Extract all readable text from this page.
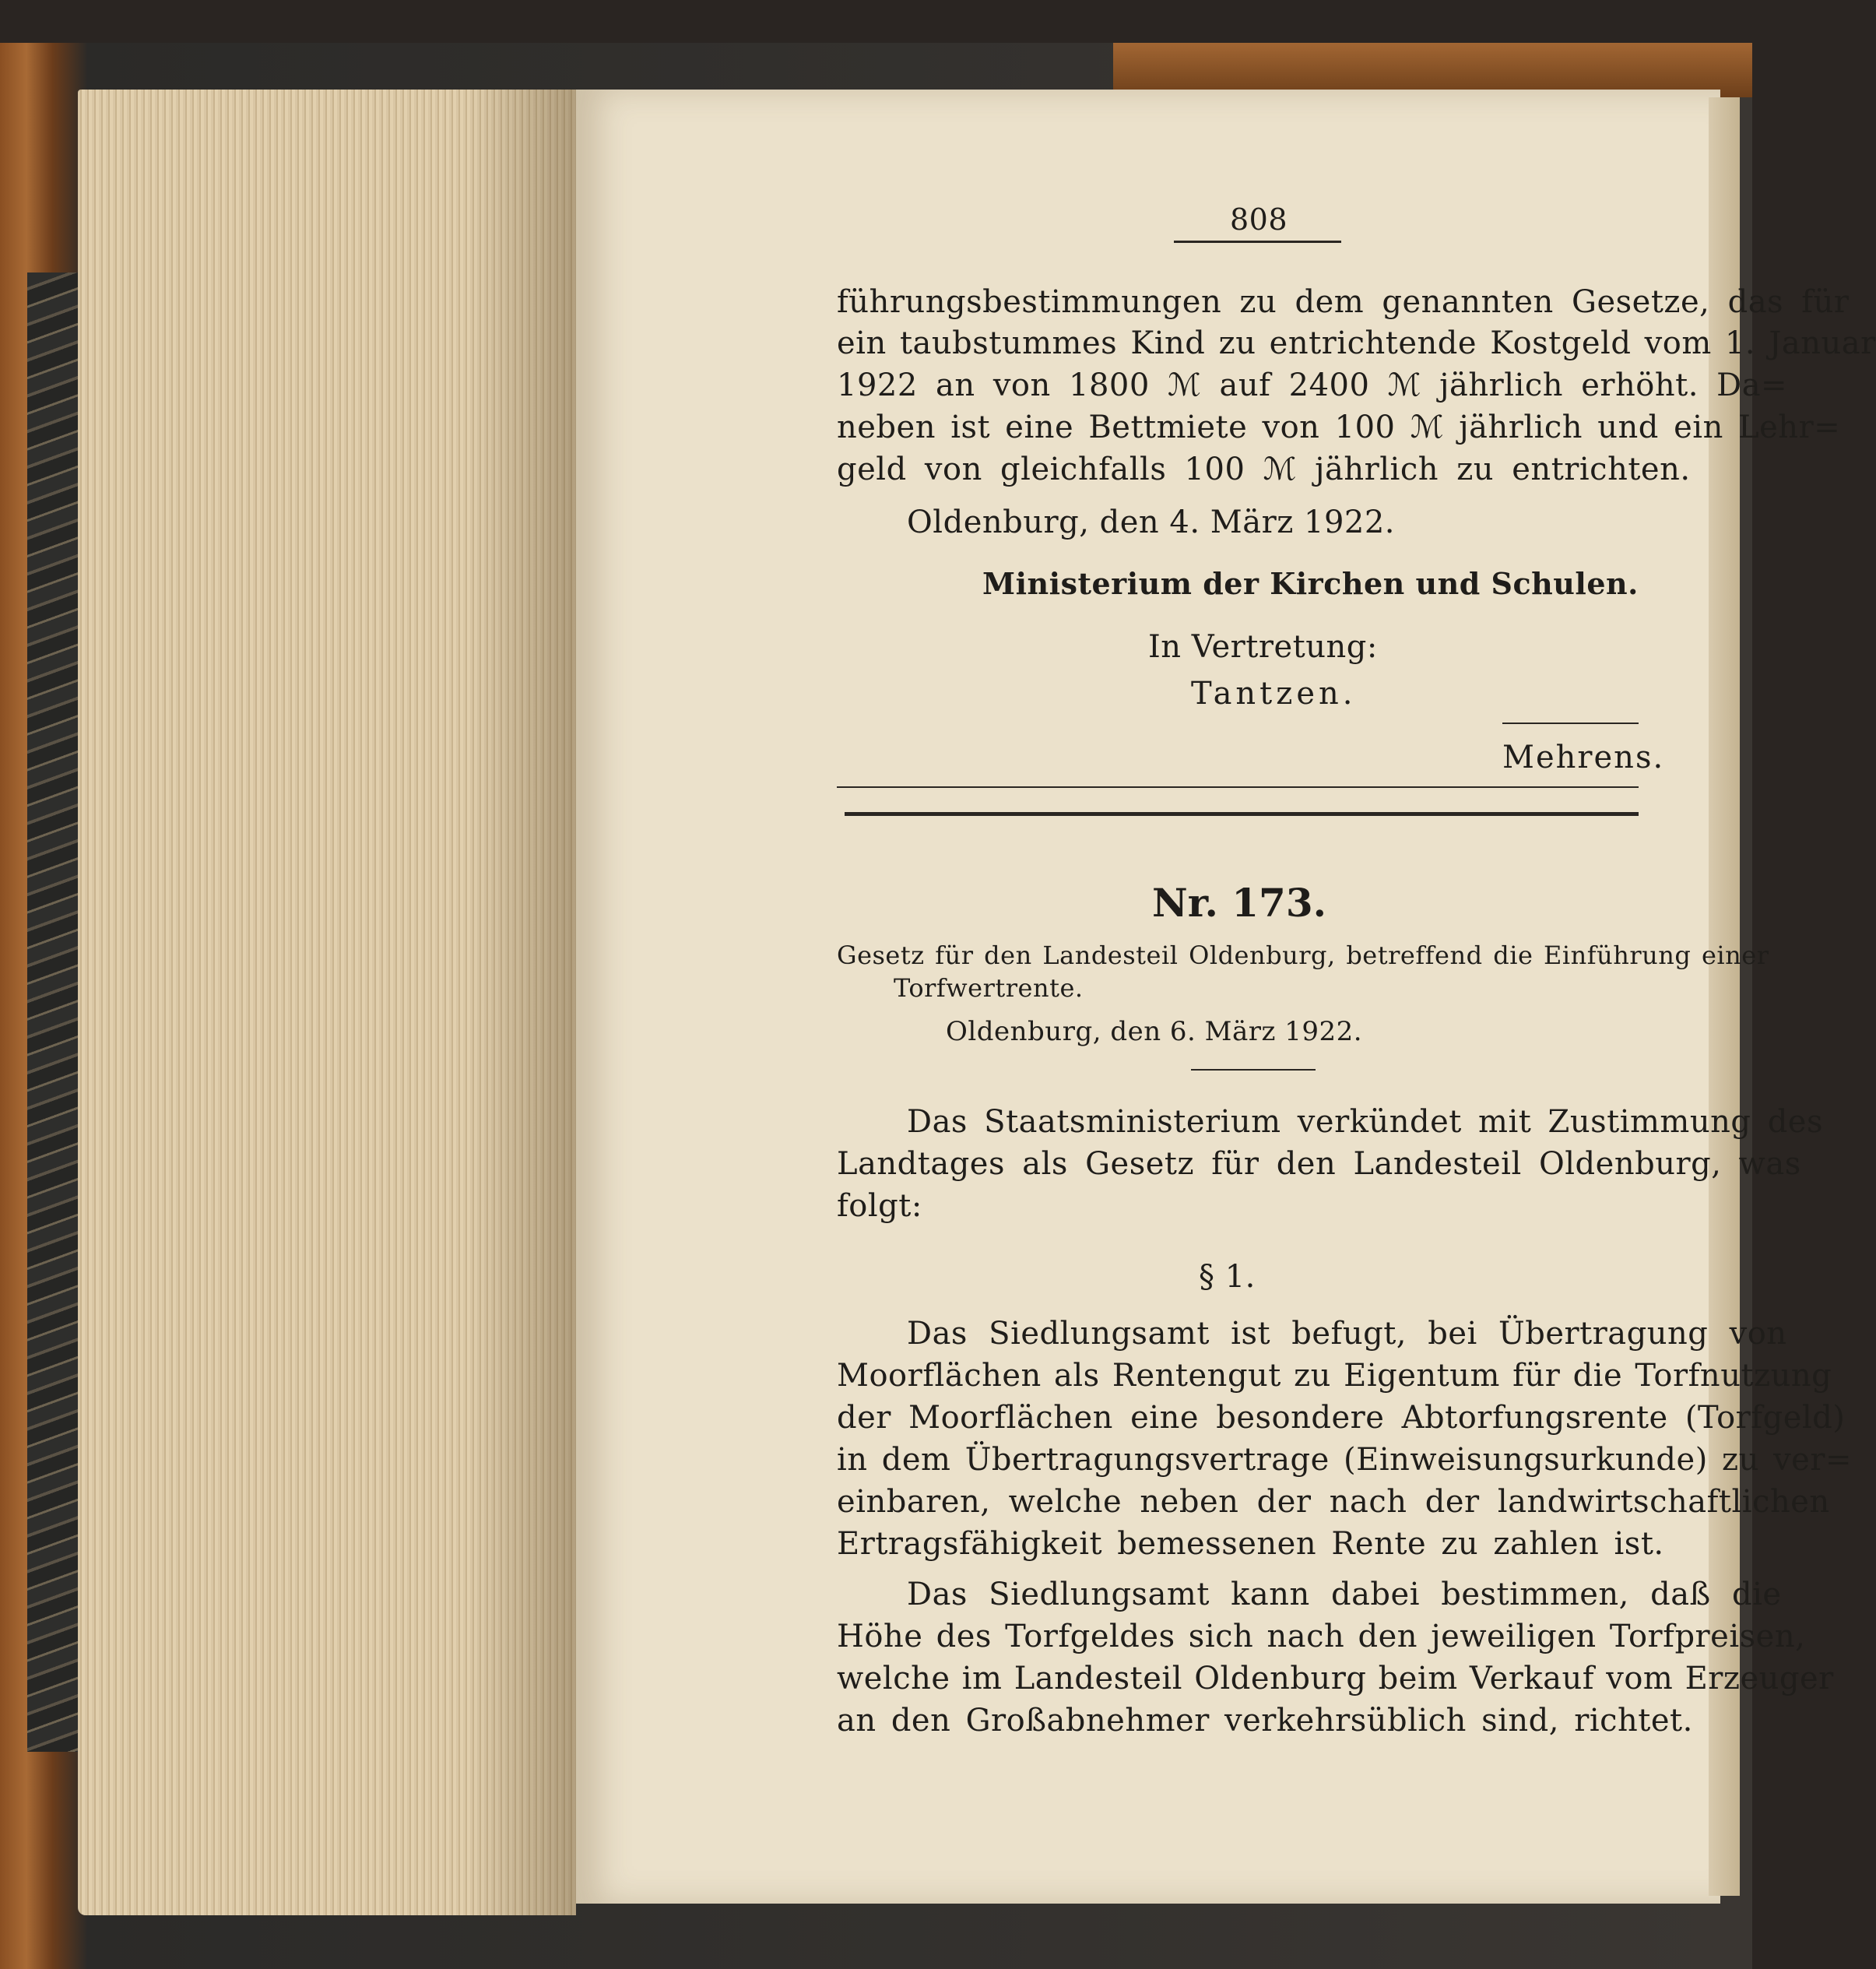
808
führungsbestimmungen zu dem genannten Gesetze, das für
ein taubstummes Kind zu entrichtende Kostgeld vom 1. Januar
1922 an von 1800 ℳ auf 2400 ℳ jährlich erhöht. Da=
neben ist eine Bettmiete von 100 ℳ jährlich und ein Lehr=
geld von gleichfalls 100 ℳ jährlich zu entrichten.
Oldenburg, den 4. März 1922.
Ministerium der Kirchen und Schulen.
In Vertretung:
Tantzen.
Mehrens.
Nr. 173.
Gesetz für den Landesteil Oldenburg, betreffend die Einführung einer
Torfwertrente.
Oldenburg, den 6. März 1922.
Das Staatsministerium verkündet mit Zustimmung des
Landtages als Gesetz für den Landesteil Oldenburg, was
folgt:
§ 1.
Das Siedlungsamt ist befugt, bei Übertragung von
Moorflächen als Rentengut zu Eigentum für die Torfnutzung
der Moorflächen eine besondere Abtorfungsrente (Torfgeld)
in dem Übertragungsvertrage (Einweisungsurkunde) zu ver=
einbaren, welche neben der nach der landwirtschaftlichen
Ertragsfähigkeit bemessenen Rente zu zahlen ist.
Das Siedlungsamt kann dabei bestimmen, daß die
Höhe des Torfgeldes sich nach den jeweiligen Torfpreisen,
welche im Landesteil Oldenburg beim Verkauf vom Erzeuger
an den Großabnehmer verkehrsüblich sind, richtet.
